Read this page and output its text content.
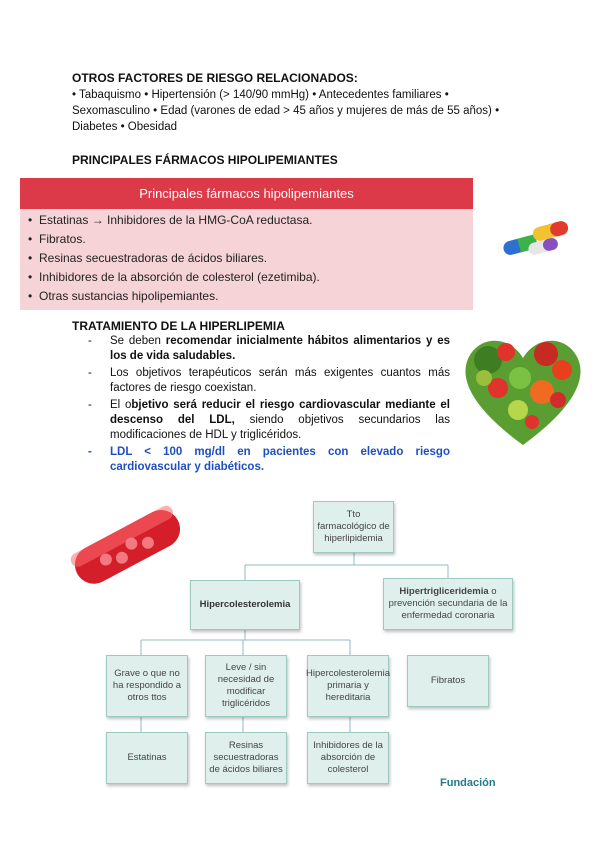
OTROS FACTORES DE RIESGO RELACIONADOS:
• Tabaquismo • Hipertensión (> 140/90 mmHg) • Antecedentes familiares •
Sexomasculino • Edad (varones de edad > 45 años y mujeres de más de 55 años) •
Diabetes • Obesidad
PRINCIPALES FÁRMACOS HIPOLIPEMIANTES
Principales fármacos hipolipemiantes
• Estatinas → Inhibidores de la HMG-CoA reductasa.
• Fibratos.
• Resinas secuestradoras de ácidos biliares.
• Inhibidores de la absorción de colesterol (ezetimiba).
• Otras sustancias hipolipemiantes.
TRATAMIENTO DE LA HIPERLIPEMIA
- Se deben recomendar inicialmente hábitos alimentarios y es los de vida saludables.
- Los objetivos terapéuticos serán más exigentes cuantos más factores de riesgo coexistan.
- El objetivo será reducir el riesgo cardiovascular mediante el descenso del LDL, siendo objetivos secundarios las modificaciones de HDL y triglicéridos.
- LDL < 100 mg/dl en pacientes con elevado riesgo cardiovascular y diabéticos.
Tto farmacológico de hiperlipidemia
Hipercolesterolemia
Hipertrigliceridemia o prevención secundaria de la enfermedad coronaria
Grave o que no ha respondido a otros ttos
Leve / sin necesidad de modificar triglicéridos
Hipercolesterolemia primaria y hereditaria
Fibratos
Estatinas
Resinas secuestradoras de ácidos biliares
Inhibidores de la absorción de colesterol
Fundación
